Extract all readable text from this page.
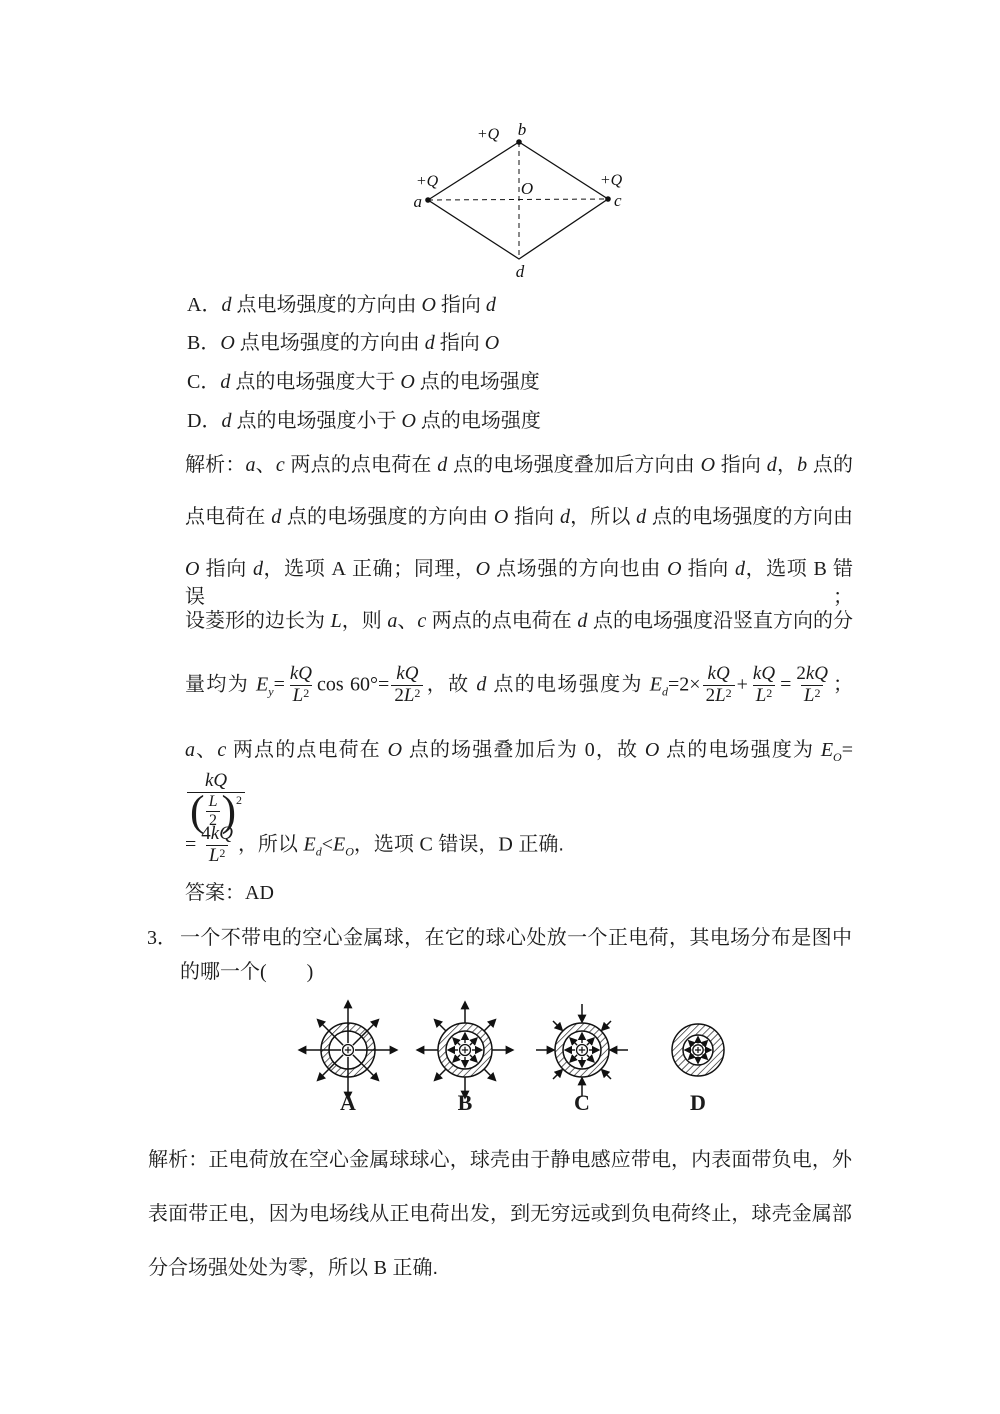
a
b
c
d
O
+Q
+Q	+Q
A．d 点电场强度的方向由 O 指向 d
B．O 点电场强度的方向由 d 指向 O
C．d 点的电场强度大于 O 点的电场强度
D．d 点的电场强度小于 O 点的电场强度
解析：a、c 两点的点电荷在 d 点的电场强度叠加后方向由 O 指向 d，b 点的
点电荷在 d 点的电场强度的方向由 O 指向 d，所以 d 点的电场强度的方向由
O 指向 d，选项 A 正确；同理，O 点场强的方向也由 O 指向 d，选项 B 错误；
设菱形的边长为 L，则 a、c 两点的点电荷在 d 点的电场强度沿竖直方向的分
量均为 $E_y= \frac{kQ}{L 2}$ $\cos 60^\circ= \frac{kQ}{2 L 2}$ ，故 d 点的电场强度为 $E_d=2\times \frac{kQ}{2 L 2} + \frac{kQ}{L 2} = \frac{2 kQ}{L 2}$ ；
a、c 两点的点电荷在 O 点的场强叠加后为 0，故 O 点的电场强度为 $E_O=$
kQ
( L
2 )$^2$
= $\frac{4 kQ}{L 2}$ ，所以 $E_d<E_O$，选项 C 错误，D 正确.
答案：AD
3． 一个不带电的空心金属球，在它的球心处放一个正电荷，其电场分布是图中
的哪一个(　　)
A	B	C	D
解析：正电荷放在空心金属球球心，球壳由于静电感应带电，内表面带负电，外
表面带正电，因为电场线从正电荷出发，到无穷远或到负电荷终止，球壳金属部
分合场强处处为零，所以 B 正确.
